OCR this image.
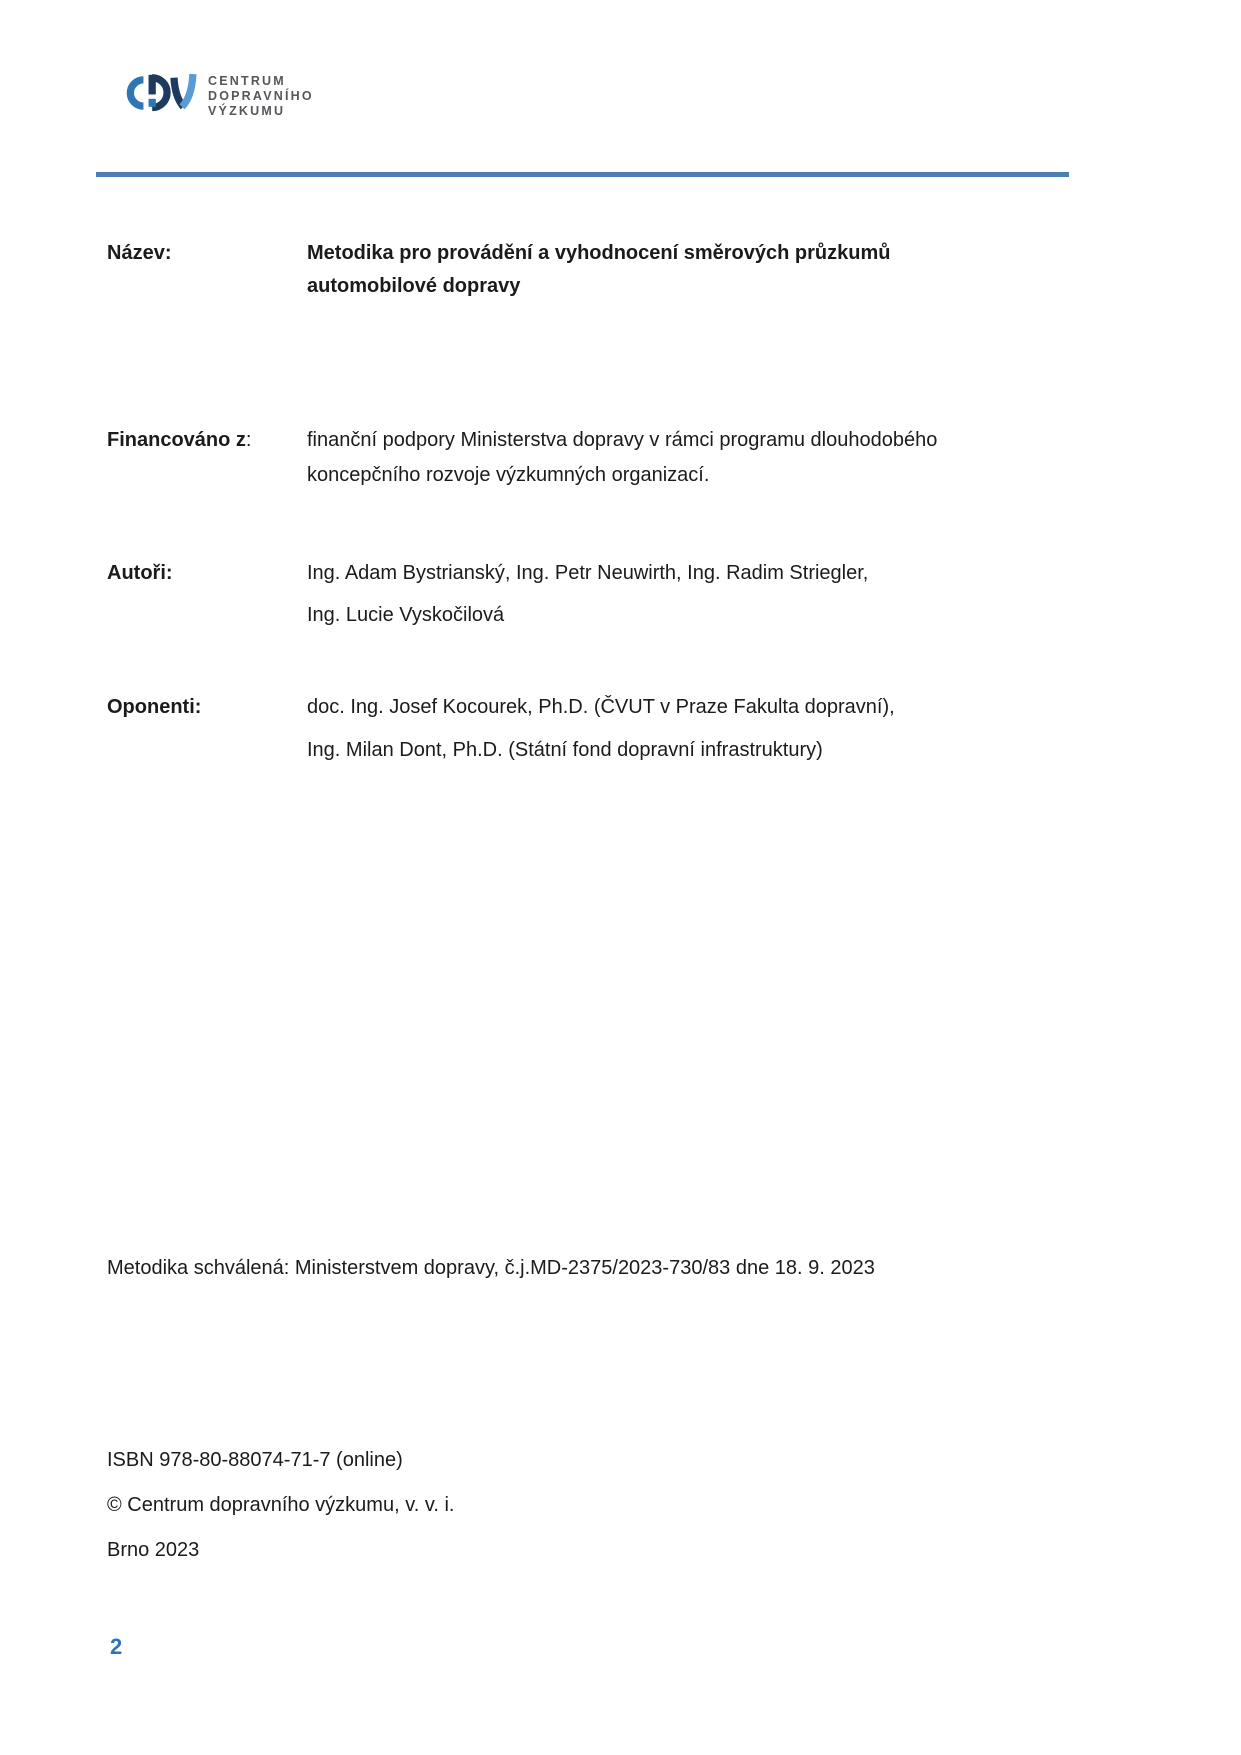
CENTRUM
DOPRAVNÍHO
VÝZKUMU
Název:	Metodika pro provádění a vyhodnocení směrových průzkumů
automobilové dopravy
Financováno z:	finanční podpory Ministerstva dopravy v rámci programu dlouhodobého
koncepčního rozvoje výzkumných organizací.
Autoři:	Ing. Adam Bystrianský, Ing. Petr Neuwirth, Ing. Radim Striegler,
Ing. Lucie Vyskočilová
Oponenti:	doc. Ing. Josef Kocourek, Ph.D. (ČVUT v Praze Fakulta dopravní),
Ing. Milan Dont, Ph.D. (Státní fond dopravní infrastruktury)
Metodika schválená: Ministerstvem dopravy, č.j.MD-2375/2023-730/83 dne 18. 9. 2023
ISBN 978-80-88074-71-7 (online)
© Centrum dopravního výzkumu, v. v. i.
Brno 2023
2
